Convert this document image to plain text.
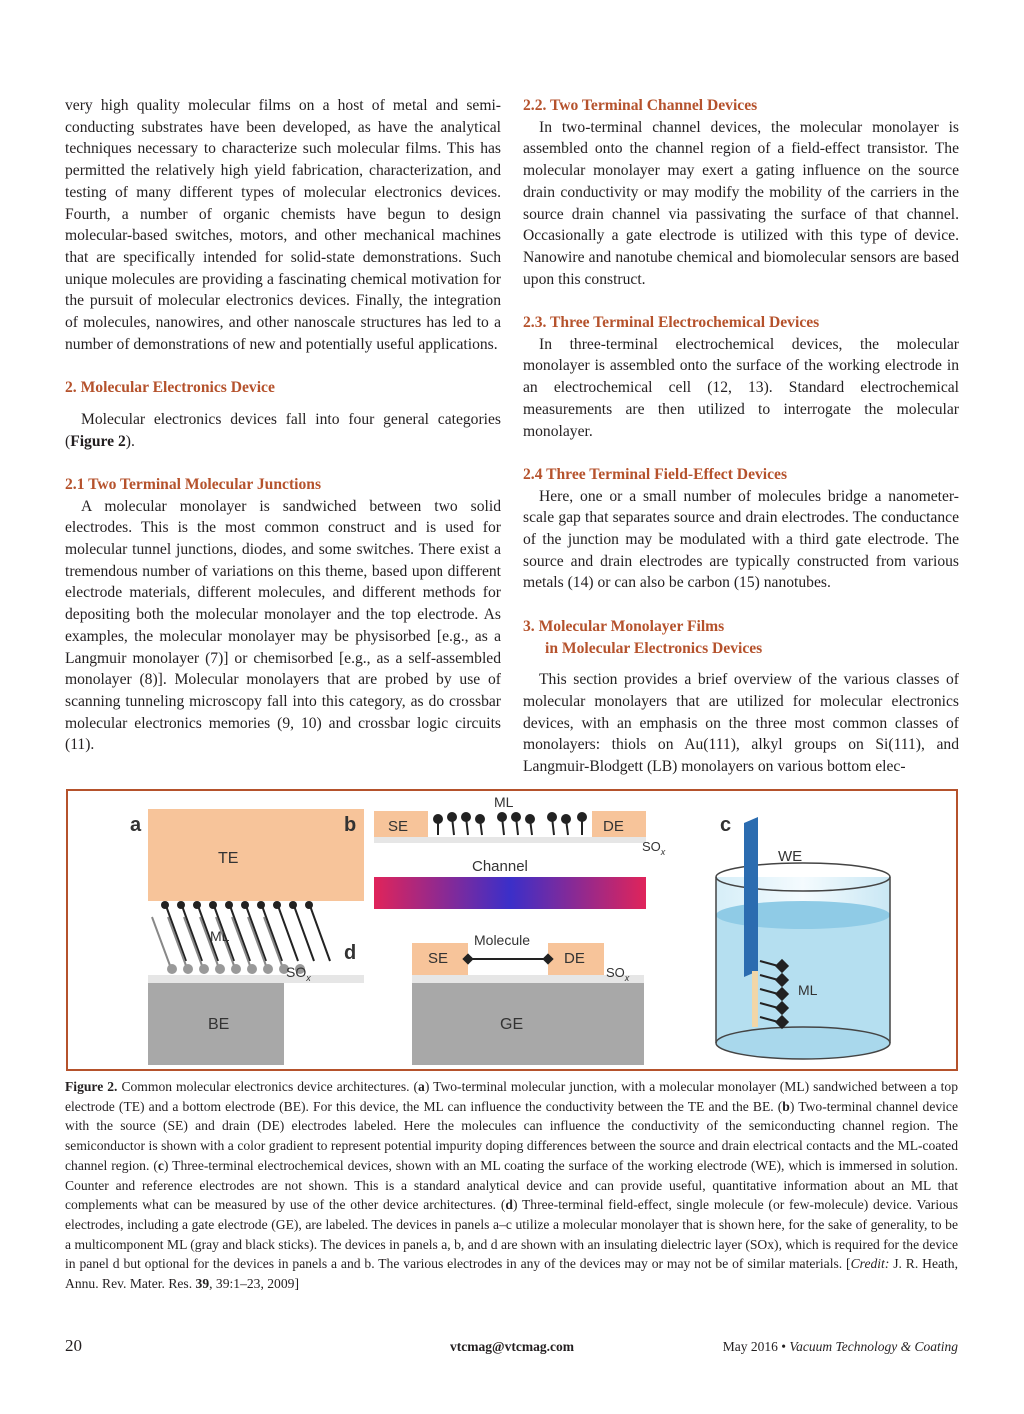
very high quality molecular films on a host of metal and semiconducting substrates have been developed, as have the analytical techniques necessary to characterize such molecular films. This has permitted the relatively high yield fabrication, characterization, and testing of many different types of molecular electronics devices. Fourth, a number of organic chemists have begun to design molecular-based switches, motors, and other mechanical machines that are specifically intended for solid-state demonstrations. Such unique molecules are providing a fascinating chemical motivation for the pursuit of molecular electronics devices. Finally, the integration of molecules, nanowires, and other nanoscale structures has led to a number of demonstrations of new and potentially useful applications.

2. Molecular Electronics Device

Molecular electronics devices fall into four general categories (Figure 2).

2.1 Two Terminal Molecular Junctions

A molecular monolayer is sandwiched between two solid electrodes. This is the most common construct and is used for molecular tunnel junctions, diodes, and some switches. There exist a tremendous number of variations on this theme, based upon different electrode materials, different molecules, and different methods for depositing both the molecular monolayer and the top electrode. As examples, the molecular monolayer may be physisorbed [e.g., as a Langmuir monolayer (7)] or chemisorbed [e.g., as a self-assembled monolayer (8)]. Molecular monolayers that are probed by use of scanning tunneling microscopy fall into this category, as do crossbar molecular electronics memories (9, 10) and crossbar logic circuits (11).

2.2. Two Terminal Channel Devices

In two-terminal channel devices, the molecular monolayer is assembled onto the channel region of a field-effect transistor. The molecular monolayer may exert a gating influence on the source drain conductivity or may modify the mobility of the carriers in the source drain channel via passivating the surface of that channel. Occasionally a gate electrode is utilized with this type of device. Nanowire and nanotube chemical and biomolecular sensors are based upon this construct.

2.3. Three Terminal Electrochemical Devices

In three-terminal electrochemical devices, the molecular monolayer is assembled onto the surface of the working electrode in an electrochemical cell (12, 13). Standard electrochemical measurements are then utilized to interrogate the molecular monolayer.

2.4 Three Terminal Field-Effect Devices

Here, one or a small number of molecules bridge a nanometer-scale gap that separates source and drain electrodes. The conductance of the junction may be modulated with a third gate electrode. The source and drain electrodes are typically constructed from various metals (14) or can also be carbon (15) nanotubes.

3. Molecular Monolayer Films

in Molecular Electronics Devices

This section provides a brief overview of the various classes of molecular monolayers that are utilized for molecular electronics devices, with an emphasis on the three most common classes of monolayers: thiols on Au(111), alkyl groups on Si(111), and Langmuir-Blodgett (LB) monolayers on various bottom elec-

a
TE
ML
$SO_x$
BE
b
ML
SE	DE
$SO_x$
Channel
d
Molecule
SE	DE
$SO_x$
GE
c
WE
ML

Figure 2. Common molecular electronics device architectures. (a) Two-terminal molecular junction, with a molecular monolayer (ML) sandwiched between a top electrode (TE) and a bottom electrode (BE). For this device, the ML can influence the conductivity between the TE and the BE. (b) Two-terminal channel device with the source (SE) and drain (DE) electrodes labeled. Here the molecules can influence the conductivity of the semiconducting channel region. The semiconductor is shown with a color gradient to represent potential impurity doping differences between the source and drain electrical contacts and the ML-coated channel region. (c) Three-terminal electrochemical devices, shown with an ML coating the surface of the working electrode (WE), which is immersed in solution. Counter and reference electrodes are not shown. This is a standard analytical device and can provide useful, quantitative information about an ML that complements what can be measured by use of the other device architectures. (d) Three-terminal field-effect, single molecule (or few-molecule) device. Various electrodes, including a gate electrode (GE), are labeled. The devices in panels a–c utilize a molecular monolayer that is shown here, for the sake of generality, to be a multicomponent ML (gray and black sticks). The devices in panels a, b, and d are shown with an insulating dielectric layer (SOx), which is required for the device in panel d but optional for the devices in panels a and b. The various electrodes in any of the devices may or may not be of similar materials. [Credit: J. R. Heath, Annu. Rev. Mater. Res. 39, 39:1–23, 2009]

20	vtcmag@vtcmag.com	May 2016 • Vacuum Technology & Coating
